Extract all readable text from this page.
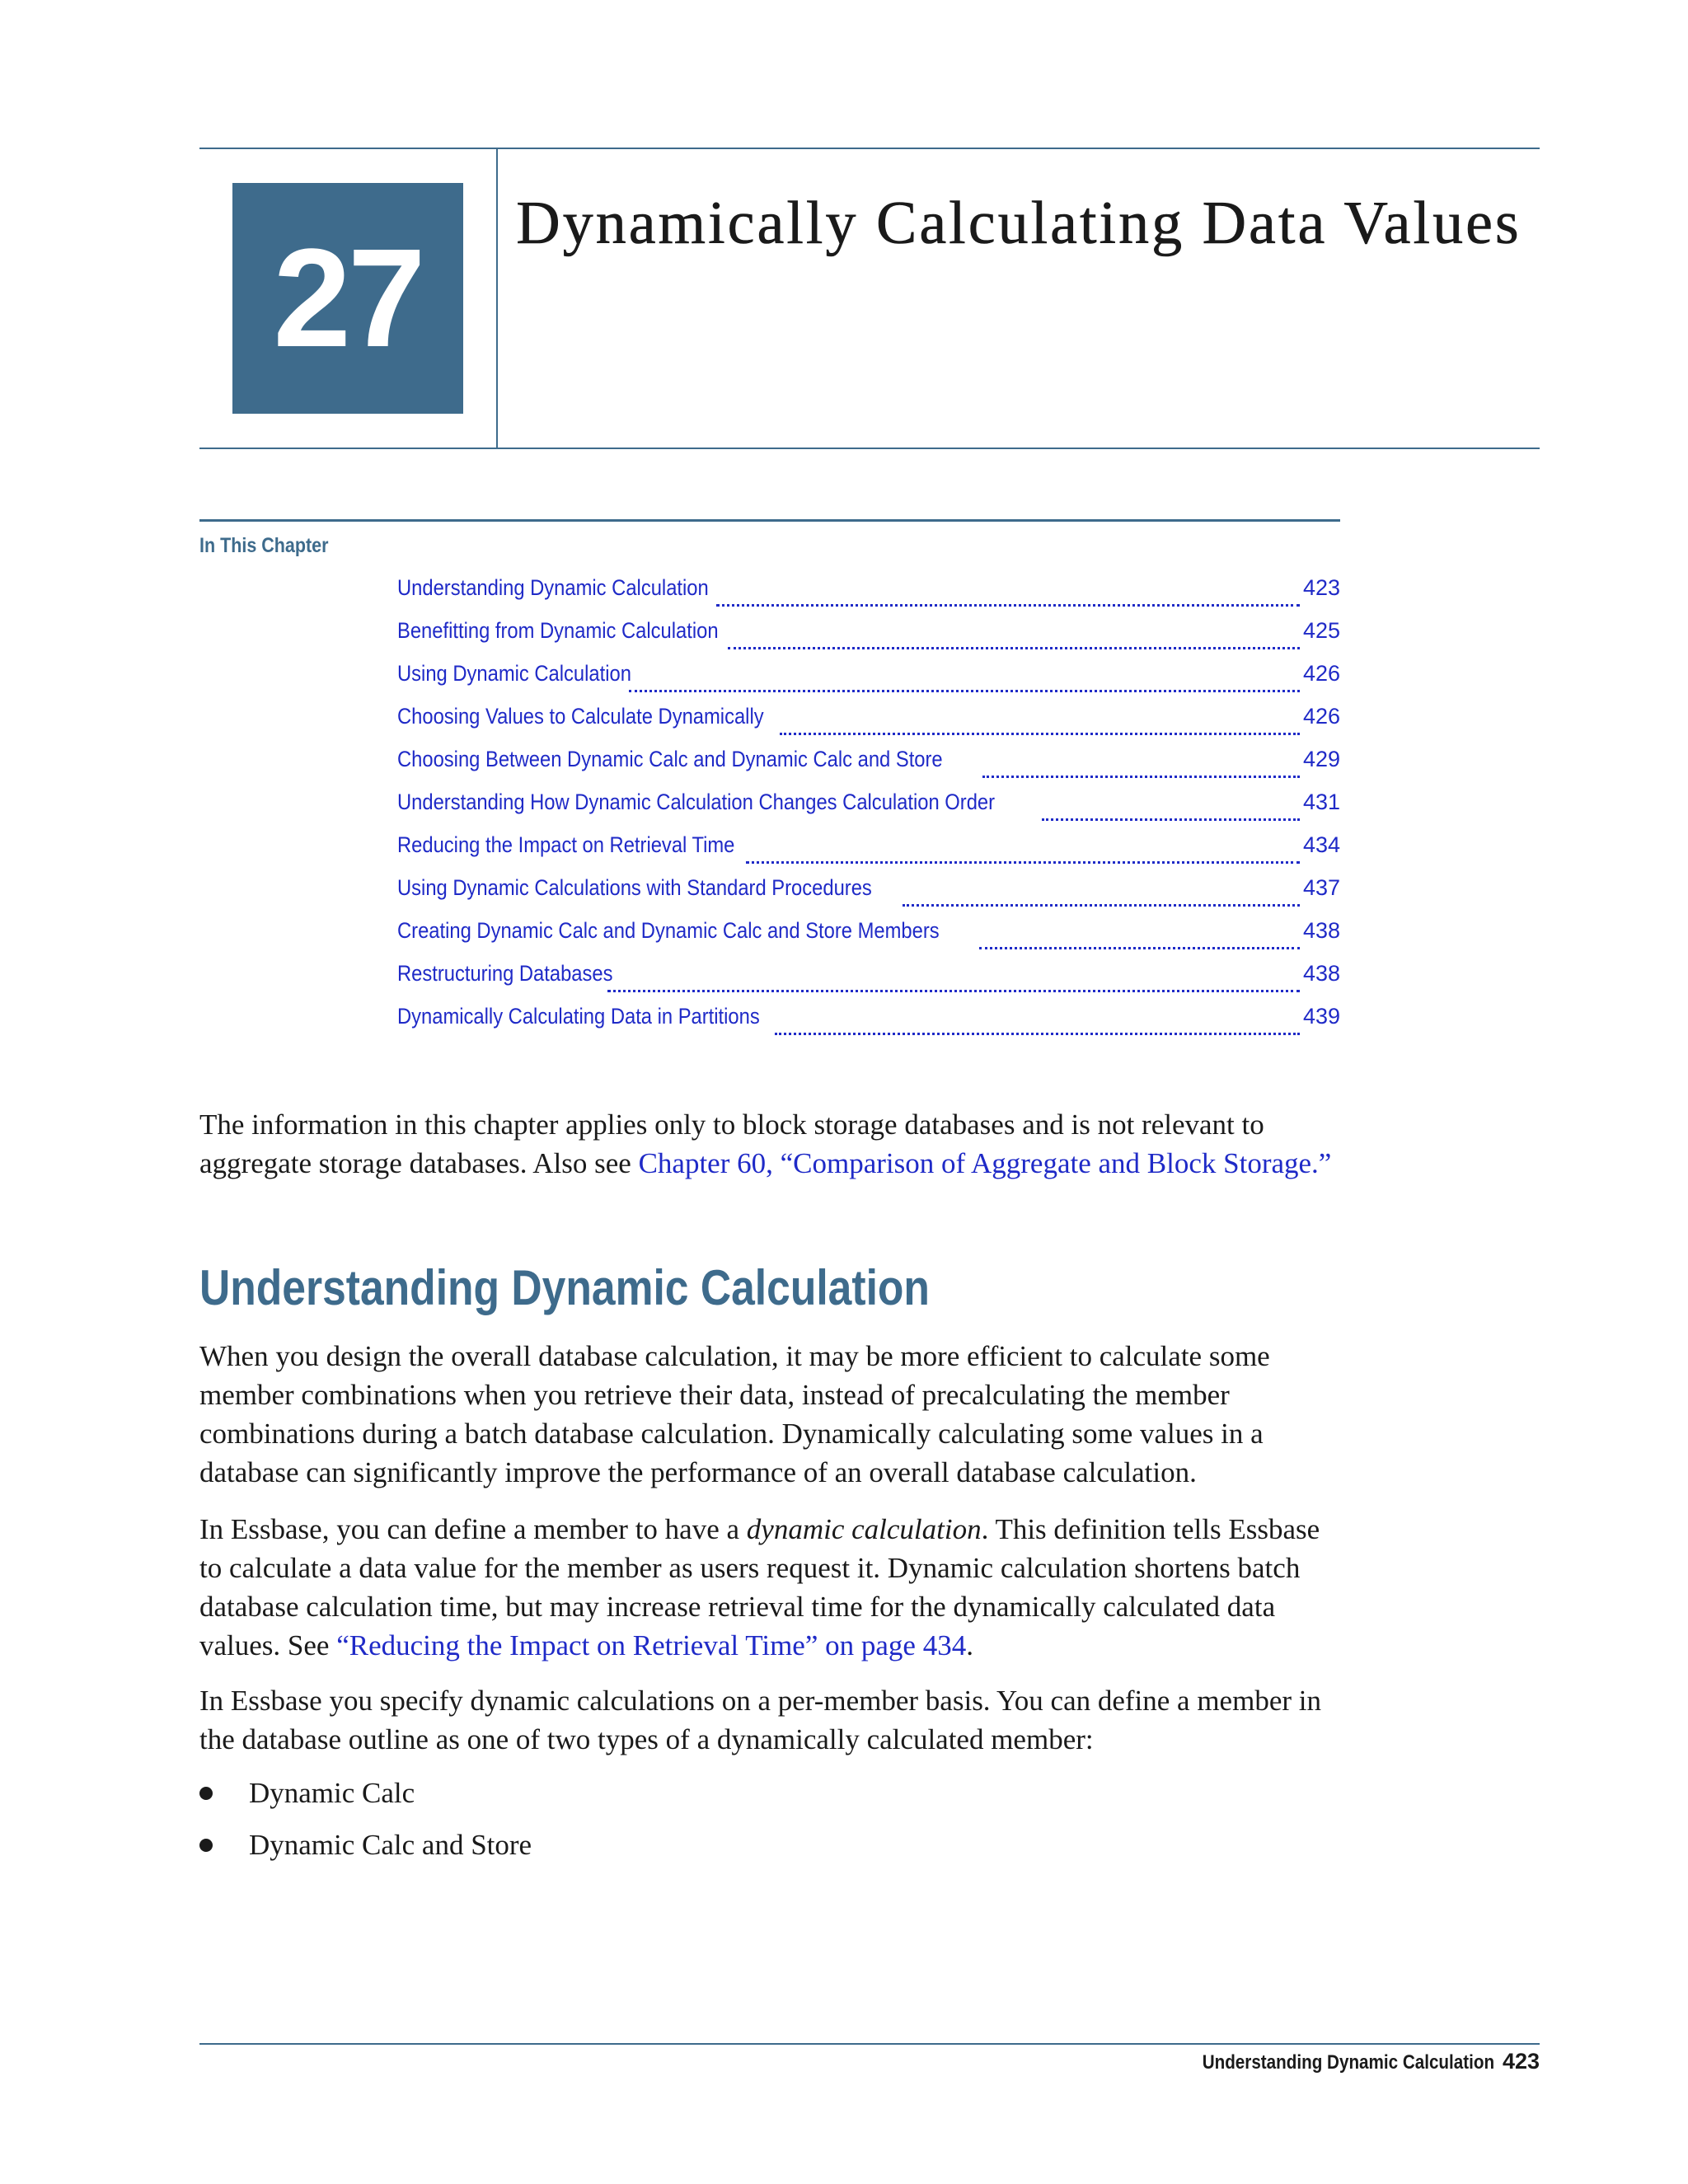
27	Dynamically Calculating Data Values
In This Chapter
Understanding Dynamic Calculation	423
Benefitting from Dynamic Calculation	425
Using Dynamic Calculation	426
Choosing Values to Calculate Dynamically	426
Choosing Between Dynamic Calc and Dynamic Calc and Store	429
Understanding How Dynamic Calculation Changes Calculation Order	431
Reducing the Impact on Retrieval Time	434
Using Dynamic Calculations with Standard Procedures	437
Creating Dynamic Calc and Dynamic Calc and Store Members	438
Restructuring Databases	438
Dynamically Calculating Data in Partitions	439

The information in this chapter applies only to block storage databases and is not relevant to aggregate storage databases. Also see Chapter 60, “Comparison of Aggregate and Block Storage.”

Understanding Dynamic Calculation

When you design the overall database calculation, it may be more efficient to calculate some member combinations when you retrieve their data, instead of precalculating the member combinations during a batch database calculation. Dynamically calculating some values in a database can significantly improve the performance of an overall database calculation.

In Essbase, you can define a member to have a dynamic calculation. This definition tells Essbase to calculate a data value for the member as users request it. Dynamic calculation shortens batch database calculation time, but may increase retrieval time for the dynamically calculated data values. See “Reducing the Impact on Retrieval Time” on page 434.

In Essbase you specify dynamic calculations on a per-member basis. You can define a member in the database outline as one of two types of a dynamically calculated member:

Dynamic Calc
Dynamic Calc and Store
Understanding Dynamic Calculation 423
